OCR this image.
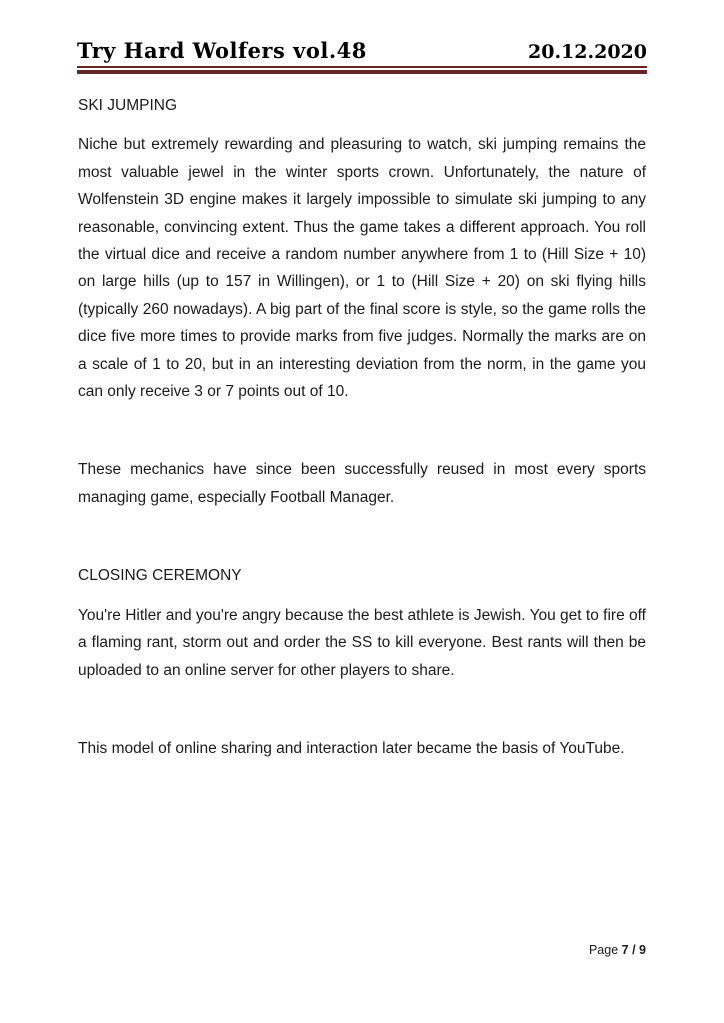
Try Hard Wolfers vol.48	20.12.2020
SKI JUMPING

Niche but extremely rewarding and pleasuring to watch, ski jumping remains the most valuable jewel in the winter sports crown. Unfortunately, the nature of Wolfenstein 3D engine makes it largely impossible to simulate ski jumping to any reasonable, convincing extent. Thus the game takes a different approach. You roll the virtual dice and receive a random number anywhere from 1 to (Hill Size + 10) on large hills (up to 157 in Willingen), or 1 to (Hill Size + 20) on ski flying hills (typically 260 nowadays). A big part of the final score is style, so the game rolls the dice five more times to provide marks from five judges. Normally the marks are on a scale of 1 to 20, but in an interesting deviation from the norm, in the game you can only receive 3 or 7 points out of 10.

These mechanics have since been successfully reused in most every sports managing game, especially Football Manager.

CLOSING CEREMONY

You're Hitler and you're angry because the best athlete is Jewish. You get to fire off a flaming rant, storm out and order the SS to kill everyone. Best rants will then be uploaded to an online server for other players to share.

This model of online sharing and interaction later became the basis of YouTube.

Page 7 / 9
